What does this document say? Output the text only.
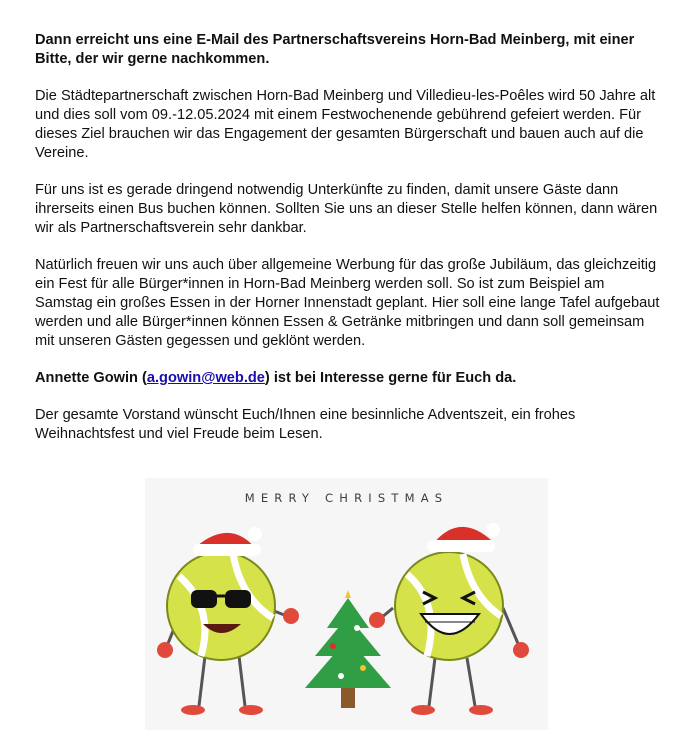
Dann erreicht uns eine E-Mail des Partnerschaftsvereins Horn-Bad Meinberg, mit einer Bitte, der wir gerne nachkommen.

Die Städtepartnerschaft zwischen Horn-Bad Meinberg und Villedieu-les-Poêles wird 50 Jahre alt und dies soll vom 09.-12.05.2024 mit einem Festwochenende gebührend gefeiert werden. Für dieses Ziel brauchen wir das Engagement der gesamten Bürgerschaft und bauen auch auf die Vereine.

Für uns ist es gerade dringend notwendig Unterkünfte zu finden, damit unsere Gäste dann ihrerseits einen Bus buchen können. Sollten Sie uns an dieser Stelle helfen können, dann wären wir als Partnerschaftsverein sehr dankbar.

Natürlich freuen wir uns auch über allgemeine Werbung für das große Jubiläum, das gleichzeitig ein Fest für alle Bürger*innen in Horn-Bad Meinberg werden soll. So ist zum Beispiel am Samstag ein großes Essen in der Horner Innenstadt geplant. Hier soll eine lange Tafel aufgebaut werden und alle Bürger*innen können Essen & Getränke mitbringen und dann soll gemeinsam mit unseren Gästen gegessen und geklönt werden.

Annette Gowin (a.gowin@web.de) ist bei Interesse gerne für Euch da.

Der gesamte Vorstand wünscht Euch/Ihnen eine besinnliche Adventszeit, ein frohes Weihnachtsfest und viel Freude beim Lesen.

MERRY CHRISTMAS
